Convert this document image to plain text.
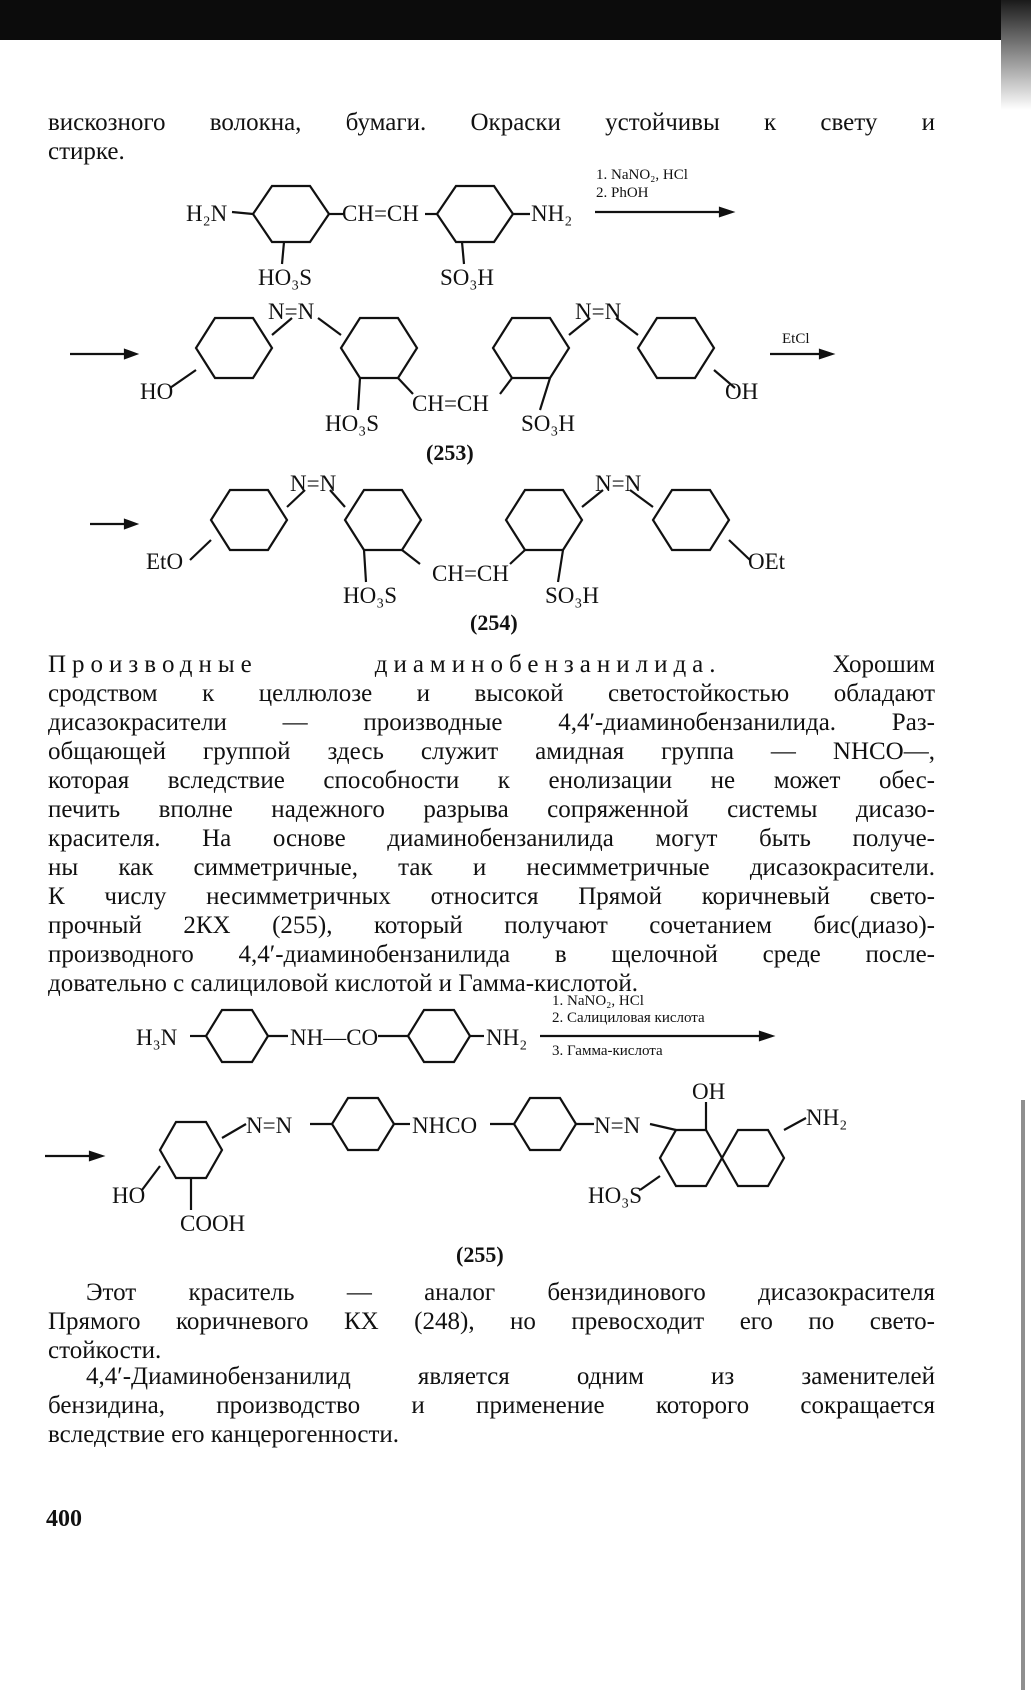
вискозного волокна, бумаги. Окраски устойчивы к свету и
стирке.
1. NaNO₂, HCl
2. PhOH
H₂N	CH=CH	NH₂
HO₃S	SO₃H
N=N	N=N
HO	OH
CH=CH
HO₃S	SO₃H
EtCl
(253)
N=N	N=N
EtO	OEt
CH=CH
HO₃S	SO₃H
(254)
Производные диаминобензанилида.	Хорошим
сродством к целлюлозе и высокой светостойкостью обладают
дисазокрасители — производные 4,4′-диаминобензанилида. Раз-
общающей группой здесь служит амидная группа — NHCO—,
которая вследствие способности к енолизации не может обес-
печить вполне надежного разрыва сопряженной системы дисазо-
красителя. На основе диаминобензанилида могут быть получе-
ны как симметричные, так и несимметричные дисазокрасители.
К числу несимметричных относится Прямой коричневый свето-
прочный 2КХ (255), который получают сочетанием бис(диазо)-
производного 4,4′-диаминобензанилида в щелочной среде после-
довательно с салициловой кислотой и Гамма-кислотой.
H₃N	NH—CO	NH₂
1. NaNO₂, HCl
2. Салициловая кислота
3. Гамма-кислота
OH
N=N	NHCO	N=N	NH₂
HO	HO₃S
COOH
(255)
Этот краситель — аналог бензидинового дисазокрасителя
Прямого коричневого КХ (248), но превосходит его по свето-
стойкости.
4,4′-Диаминобензанилид является одним из заменителей
бензидина, производство и применение которого сокращается
вследствие его канцерогенности.
400
